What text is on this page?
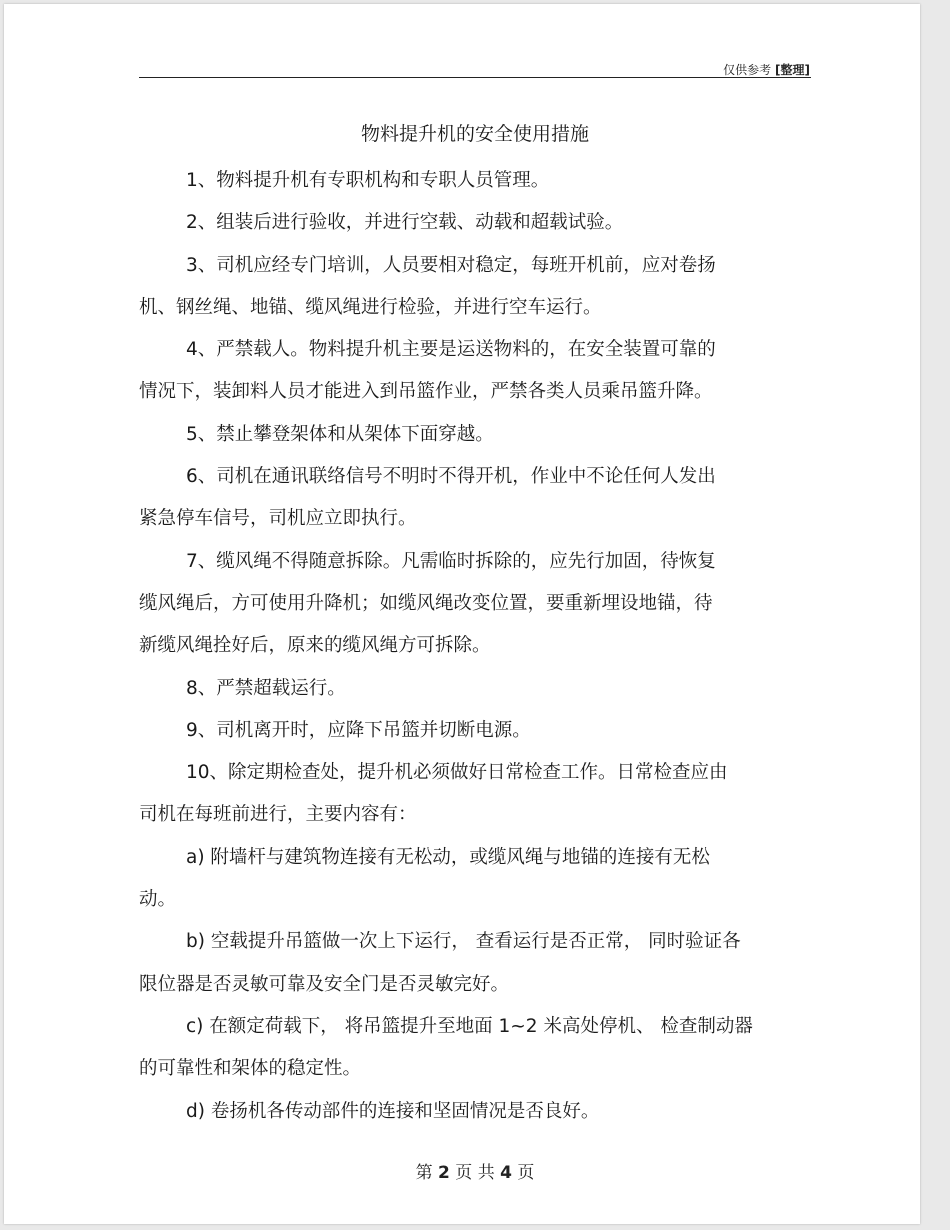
仅供参考 [整理]
物料提升机的安全使用措施

1、物料提升机有专职机构和专职人员管理。

2、组装后进行验收，并进行空载、动载和超载试验。

3、司机应经专门培训，人员要相对稳定，每班开机前，应对卷扬
机、钢丝绳、地锚、缆风绳进行检验，并进行空车运行。

4、严禁载人。物料提升机主要是运送物料的，在安全装置可靠的
情况下，装卸料人员才能进入到吊篮作业，严禁各类人员乘吊篮升降。

5、禁止攀登架体和从架体下面穿越。

6、司机在通讯联络信号不明时不得开机，作业中不论任何人发出
紧急停车信号，司机应立即执行。

7、缆风绳不得随意拆除。凡需临时拆除的，应先行加固，待恢复
缆风绳后，方可使用升降机；如缆风绳改变位置，要重新埋设地锚，待
新缆风绳拴好后，原来的缆风绳方可拆除。

8、严禁超载运行。

9、司机离开时，应降下吊篮并切断电源。

10、除定期检查处，提升机必须做好日常检查工作。日常检查应由
司机在每班前进行，主要内容有：

a) 附墙杆与建筑物连接有无松动，或缆风绳与地锚的连接有无松
动。

b) 空载提升吊篮做一次上下运行， 查看运行是否正常， 同时验证各
限位器是否灵敏可靠及安全门是否灵敏完好。

c) 在额定荷载下， 将吊篮提升至地面 1~2 米高处停机、 检查制动器
的可靠性和架体的稳定性。

d) 卷扬机各传动部件的连接和坚固情况是否良好。

第 2 页 共 4 页
